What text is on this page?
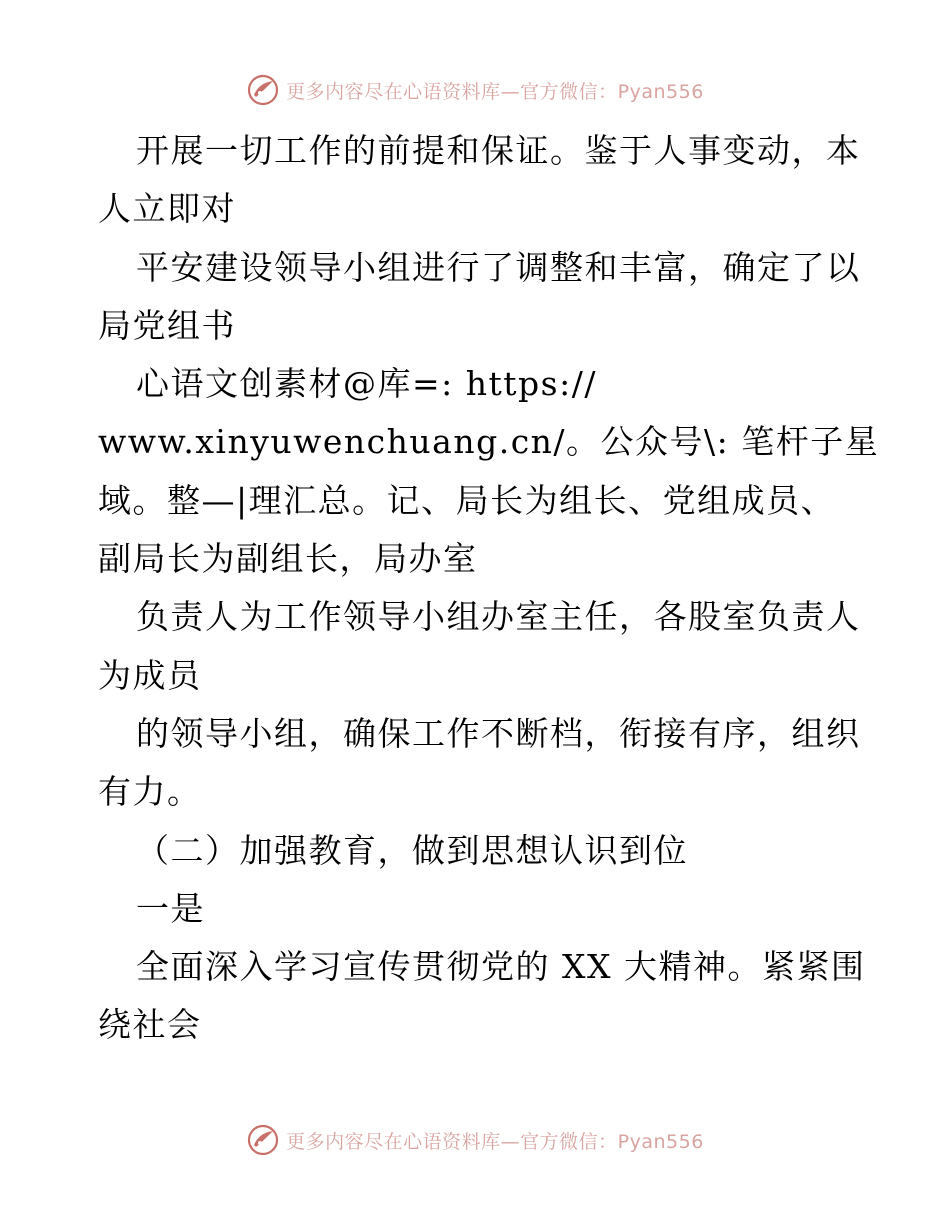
更多内容尽在心语资料库—官方微信：Pyan556
开展一切工作的前提和保证。鉴于人事变动，本
人立即对
平安建设领导小组进行了调整和丰富，确定了以
局党组书
心语文创素材@库=: https://
www.xinyuwenchuang.cn/。公众号\: 笔杆子星
域。整—|理汇总。记、局长为组长、党组成员、
副局长为副组长，局办室
负责人为工作领导小组办室主任，各股室负责人
为成员
的领导小组，确保工作不断档，衔接有序，组织
有力。
（二）加强教育，做到思想认识到位
一是
全面深入学习宣传贯彻党的 XX 大精神。紧紧围
绕社会
更多内容尽在心语资料库—官方微信：Pyan556
